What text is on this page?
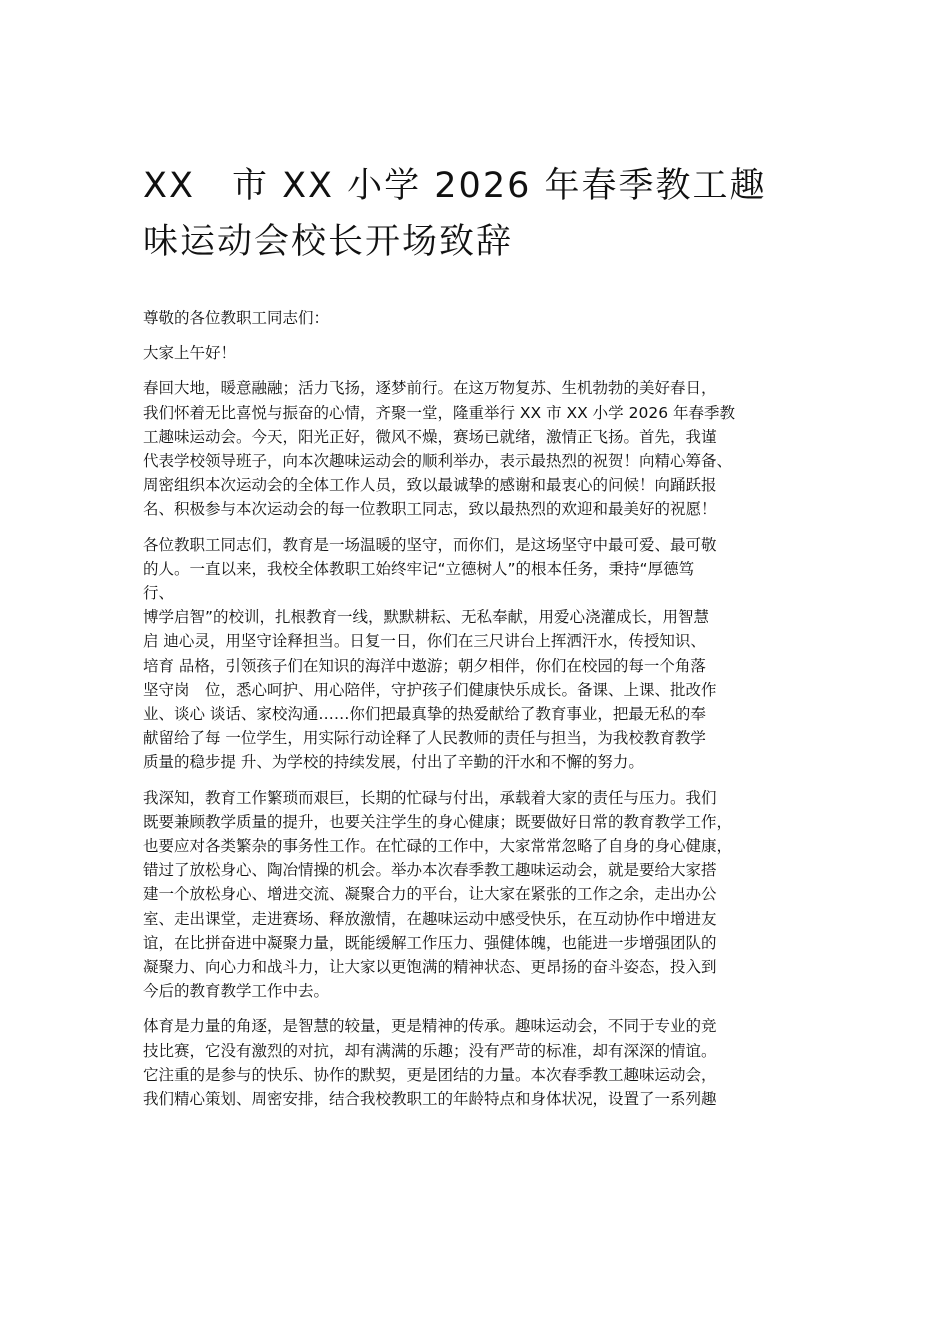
XX　市 XX 小学 2026 年春季教工趣
味运动会校长开场致辞

尊敬的各位教职工同志们：

大家上午好！

春回大地，暖意融融；活力飞扬，逐梦前行。在这万物复苏、生机勃勃的美好春日，
我们怀着无比喜悦与振奋的心情，齐聚一堂，隆重举行 XX 市 XX 小学 2026 年春季教
工趣味运动会。今天，阳光正好，微风不燥，赛场已就绪，激情正飞扬。首先，我谨
代表学校领导班子，向本次趣味运动会的顺利举办，表示最热烈的祝贺！向精心筹备、
周密组织本次运动会的全体工作人员，致以最诚挚的感谢和最衷心的问候！向踊跃报
名、积极参与本次运动会的每一位教职工同志，致以最热烈的欢迎和最美好的祝愿！

各位教职工同志们，教育是一场温暖的坚守，而你们，是这场坚守中最可爱、最可敬
的人。一直以来，我校全体教职工始终牢记“立德树人”的根本任务，秉持“厚德笃
行、
博学启智”的校训，扎根教育一线，默默耕耘、无私奉献，用爱心浇灌成长，用智慧
启 迪心灵，用坚守诠释担当。日复一日，你们在三尺讲台上挥洒汗水，传授知识、
培育 品格，引领孩子们在知识的海洋中遨游；朝夕相伴，你们在校园的每一个角落
坚守岗　位，悉心呵护、用心陪伴，守护孩子们健康快乐成长。备课、上课、批改作
业、谈心 谈话、家校沟通……你们把最真挚的热爱献给了教育事业，把最无私的奉
献留给了每 一位学生，用实际行动诠释了人民教师的责任与担当，为我校教育教学
质量的稳步提 升、为学校的持续发展，付出了辛勤的汗水和不懈的努力。

我深知，教育工作繁琐而艰巨，长期的忙碌与付出，承载着大家的责任与压力。我们
既要兼顾教学质量的提升，也要关注学生的身心健康；既要做好日常的教育教学工作，
也要应对各类繁杂的事务性工作。在忙碌的工作中，大家常常忽略了自身的身心健康，
错过了放松身心、陶冶情操的机会。举办本次春季教工趣味运动会，就是要给大家搭
建一个放松身心、增进交流、凝聚合力的平台，让大家在紧张的工作之余，走出办公
室、走出课堂，走进赛场、释放激情，在趣味运动中感受快乐，在互动协作中增进友
谊，在比拼奋进中凝聚力量，既能缓解工作压力、强健体魄，也能进一步增强团队的
凝聚力、向心力和战斗力，让大家以更饱满的精神状态、更昂扬的奋斗姿态，投入到
今后的教育教学工作中去。

体育是力量的角逐，是智慧的较量，更是精神的传承。趣味运动会，不同于专业的竞
技比赛，它没有激烈的对抗，却有满满的乐趣；没有严苛的标准，却有深深的情谊。
它注重的是参与的快乐、协作的默契，更是团结的力量。本次春季教工趣味运动会，
我们精心策划、周密安排，结合我校教职工的年龄特点和身体状况，设置了一系列趣
